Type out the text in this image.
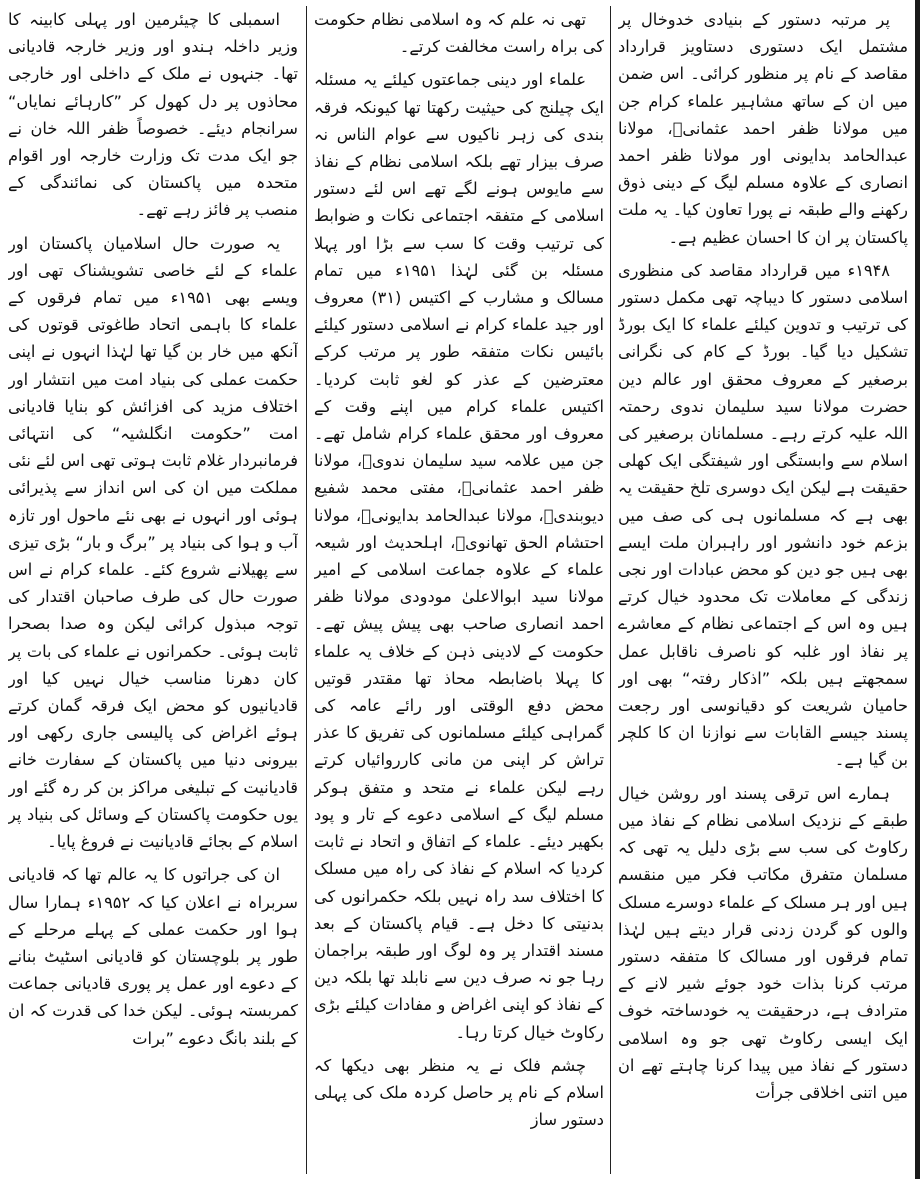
پر مرتبہ دستور کے بنیادی خدوخال پر مشتمل ایک دستوری دستاویز قرارداد مقاصد کے نام پر منظور کرائی۔ اس ضمن میں ان کے ساتھ مشاہیر علماء کرام جن میں مولانا ظفر احمد عثمانیؒ، مولانا عبدالحامد بدایونی اور مولانا ظفر احمد انصاری کے علاوہ مسلم لیگ کے دینی ذوق رکھنے والے طبقہ نے پورا تعاون کیا۔ یہ ملت پاکستان پر ان کا احسان عظیم ہے۔

۱۹۴۸ء میں قرارداد مقاصد کی منظوری اسلامی دستور کا دیباچہ تھی مکمل دستور کی ترتیب و تدوین کیلئے علماء کا ایک بورڈ تشکیل دیا گیا۔ بورڈ کے کام کی نگرانی برصغیر کے معروف محقق اور عالم دین حضرت مولانا سید سلیمان ندوی رحمتہ اللہ علیہ کرتے رہے۔ مسلمانان برصغیر کی اسلام سے وابستگی اور شیفتگی ایک کھلی حقیقت ہے لیکن ایک دوسری تلخ حقیقت یہ بھی ہے کہ مسلمانوں ہی کی صف میں بزعم خود دانشور اور راہبران ملت ایسے بھی ہیں جو دین کو محض عبادات اور نجی زندگی کے معاملات تک محدود خیال کرتے ہیں وہ اس کے اجتماعی نظام کے معاشرے پر نفاذ اور غلبہ کو ناصرف ناقابل عمل سمجھتے ہیں بلکہ ”اذکار رفتہ“ بھی اور حامیان شریعت کو دقیانوسی اور رجعت پسند جیسے القابات سے نوازنا ان کا کلچر بن گیا ہے۔

ہمارے اس ترقی پسند اور روشن خیال طبقے کے نزدیک اسلامی نظام کے نفاذ میں رکاوٹ کی سب سے بڑی دلیل یہ تھی کہ مسلمان متفرق مکاتب فکر میں منقسم ہیں اور ہر مسلک کے علماء دوسرے مسلک والوں کو گردن زدنی قرار دیتے ہیں لہٰذا تمام فرقوں اور مسالک کا متفقہ دستور مرتب کرنا بذات خود جوئے شیر لانے کے مترادف ہے، درحقیقت یہ خودساختہ خوف ایک ایسی رکاوٹ تھی جو وہ اسلامی دستور کے نفاذ میں پیدا کرنا چاہتے تھے ان میں اتنی اخلاقی جرأت

تھی نہ علم کہ وہ اسلامی نظام حکومت کی براہ راست مخالفت کرتے۔

علماء اور دینی جماعتوں کیلئے یہ مسئلہ ایک چیلنج کی حیثیت رکھتا تھا کیونکہ فرقہ بندی کی زہر ناکیوں سے عوام الناس نہ صرف بیزار تھے بلکہ اسلامی نظام کے نفاذ سے مایوس ہونے لگے تھے اس لئے دستور اسلامی کے متفقہ اجتماعی نکات و ضوابط کی ترتیب وقت کا سب سے بڑا اور پہلا مسئلہ بن گئی لہٰذا ۱۹۵۱ء میں تمام مسالک و مشارب کے اکتیس (۳۱) معروف اور جید علماء کرام نے اسلامی دستور کیلئے بائیس نکات متفقہ طور پر مرتب کرکے معترضین کے عذر کو لغو ثابت کردیا۔ اکتیس علماء کرام میں اپنے وقت کے معروف اور محقق علماء کرام شامل تھے۔ جن میں علامہ سید سلیمان ندویؒ، مولانا ظفر احمد عثمانیؒ، مفتی محمد شفیع دیوبندیؒ، مولانا عبدالحامد بدایونیؒ، مولانا احتشام الحق تھانویؒ، اہلحدیث اور شیعہ علماء کے علاوہ جماعت اسلامی کے امیر مولانا سید ابوالاعلیٰ مودودی مولانا ظفر احمد انصاری صاحب بھی پیش پیش تھے۔ حکومت کے لادینی ذہن کے خلاف یہ علماء کا پہلا باضابطہ محاذ تھا مقتدر قوتیں محض دفع الوقتی اور رائے عامہ کی گمراہی کیلئے مسلمانوں کی تفریق کا عذر تراش کر اپنی من مانی کارروائیاں کرتے رہے لیکن علماء نے متحد و متفق ہوکر مسلم لیگ کے اسلامی دعوے کے تار و پود بکھیر دیئے۔ علماء کے اتفاق و اتحاد نے ثابت کردیا کہ اسلام کے نفاذ کی راہ میں مسلک کا اختلاف سد راہ نہیں بلکہ حکمرانوں کی بدنیتی کا دخل ہے۔ قیام پاکستان کے بعد مسند اقتدار پر وہ لوگ اور طبقہ براجمان رہا جو نہ صرف دین سے نابلد تھا بلکہ دین کے نفاذ کو اپنی اغراض و مفادات کیلئے بڑی رکاوٹ خیال کرتا رہا۔

چشم فلک نے یہ منظر بھی دیکھا کہ اسلام کے نام پر حاصل کردہ ملک کی پہلی دستور ساز

اسمبلی کا چیئرمین اور پہلی کابینہ کا وزیر داخلہ ہندو اور وزیر خارجہ قادیانی تھا۔ جنہوں نے ملک کے داخلی اور خارجی محاذوں پر دل کھول کر ”کارہائے نمایاں“ سرانجام دیئے۔ خصوصاً ظفر اللہ خان نے جو ایک مدت تک وزارت خارجہ اور اقوام متحدہ میں پاکستان کی نمائندگی کے منصب پر فائز رہے تھے۔

یہ صورت حال اسلامیان پاکستان اور علماء کے لئے خاصی تشویشناک تھی اور ویسے بھی ۱۹۵۱ء میں تمام فرقوں کے علماء کا باہمی اتحاد طاغوتی قوتوں کی آنکھ میں خار بن گیا تھا لہٰذا انہوں نے اپنی حکمت عملی کی بنیاد امت میں انتشار اور اختلاف مزید کی افزائش کو بنایا قادیانی امت ”حکومت انگلشیہ“ کی انتہائی فرمانبردار غلام ثابت ہوتی تھی اس لئے نئی مملکت میں ان کی اس انداز سے پذیرائی ہوئی اور انہوں نے بھی نئے ماحول اور تازہ آب و ہوا کی بنیاد پر ”برگ و بار“ بڑی تیزی سے پھیلانے شروع کئے۔ علماء کرام نے اس صورت حال کی طرف صاحبان اقتدار کی توجہ مبذول کرائی لیکن وہ صدا بصحرا ثابت ہوئی۔ حکمرانوں نے علماء کی بات پر کان دھرنا مناسب خیال نہیں کیا اور قادیانیوں کو محض ایک فرقہ گمان کرتے ہوئے اغراض کی پالیسی جاری رکھی اور بیرونی دنیا میں پاکستان کے سفارت خانے قادیانیت کے تبلیغی مراکز بن کر رہ گئے اور یوں حکومت پاکستان کے وسائل کی بنیاد پر اسلام کے بجائے قادیانیت نے فروغ پایا۔

ان کی جراتوں کا یہ عالم تھا کہ قادیانی سربراہ نے اعلان کیا کہ ۱۹۵۲ء ہمارا سال ہوا اور حکمت عملی کے پہلے مرحلے کے طور پر بلوچستان کو قادیانی اسٹیٹ بنانے کے دعوے اور عمل پر پوری قادیانی جماعت کمربستہ ہوئی۔ لیکن خدا کی قدرت کہ ان کے بلند بانگ دعوے ”برات
